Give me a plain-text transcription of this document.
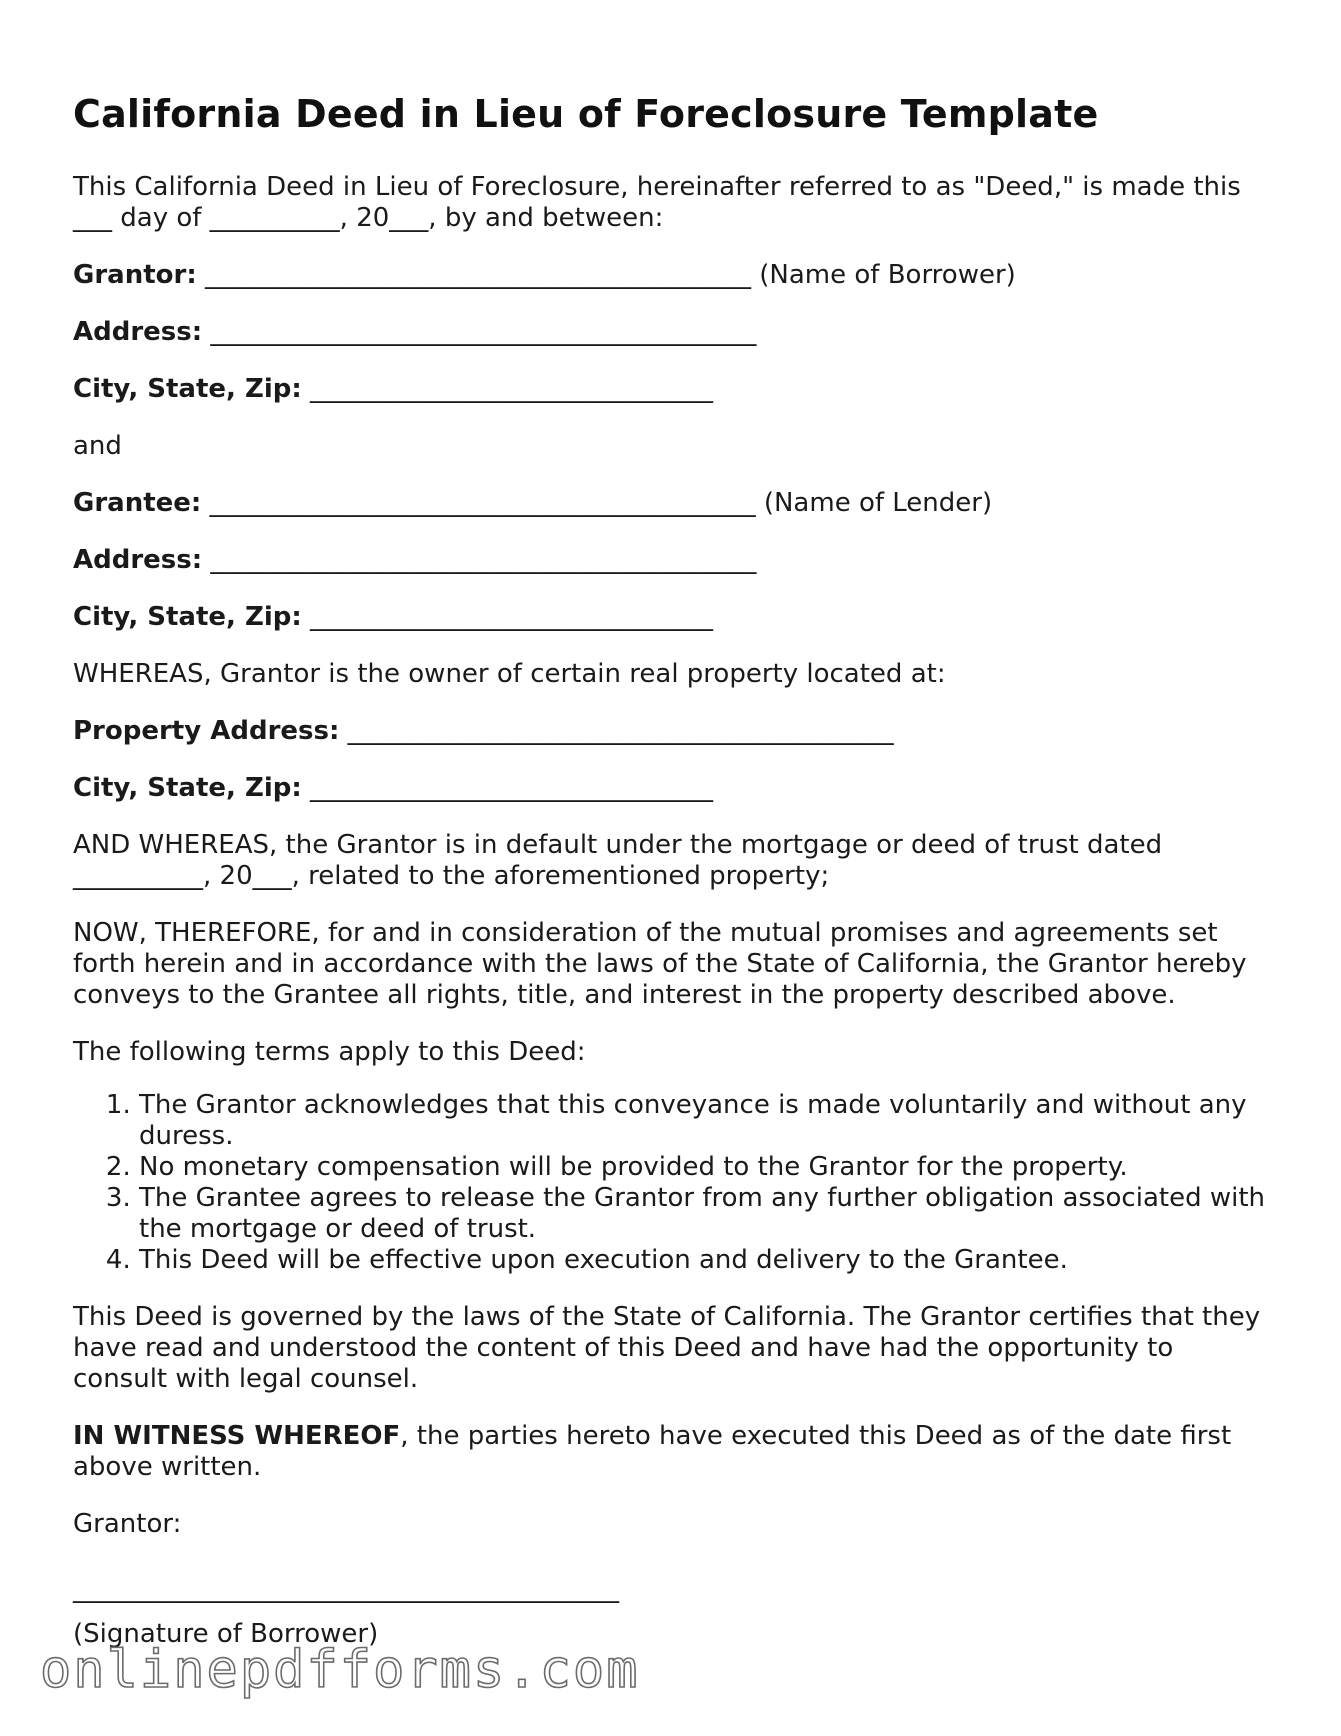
California Deed in Lieu of Foreclosure Template

This California Deed in Lieu of Foreclosure, hereinafter referred to as "Deed," is made this ___ day of __________, 20___, by and between:

Grantor: __________________________________________ (Name of Borrower)

Address: __________________________________________

City, State, Zip: _______________________________

and

Grantee: __________________________________________ (Name of Lender)

Address: __________________________________________

City, State, Zip: _______________________________

WHEREAS, Grantor is the owner of certain real property located at:

Property Address: __________________________________________

City, State, Zip: _______________________________

AND WHEREAS, the Grantor is in default under the mortgage or deed of trust dated __________, 20___, related to the aforementioned property;

NOW, THEREFORE, for and in consideration of the mutual promises and agreements set forth herein and in accordance with the laws of the State of California, the Grantor hereby conveys to the Grantee all rights, title, and interest in the property described above.

The following terms apply to this Deed:

1. The Grantor acknowledges that this conveyance is made voluntarily and without any duress.
2. No monetary compensation will be provided to the Grantor for the property.
3. The Grantee agrees to release the Grantor from any further obligation associated with the mortgage or deed of trust.
4. This Deed will be effective upon execution and delivery to the Grantee.

This Deed is governed by the laws of the State of California. The Grantor certifies that they have read and understood the content of this Deed and have had the opportunity to consult with legal counsel.

IN WITNESS WHEREOF, the parties hereto have executed this Deed as of the date first above written.

Grantor:

__________________________________________
(Signature of Borrower)
onlinepdfforms.com
